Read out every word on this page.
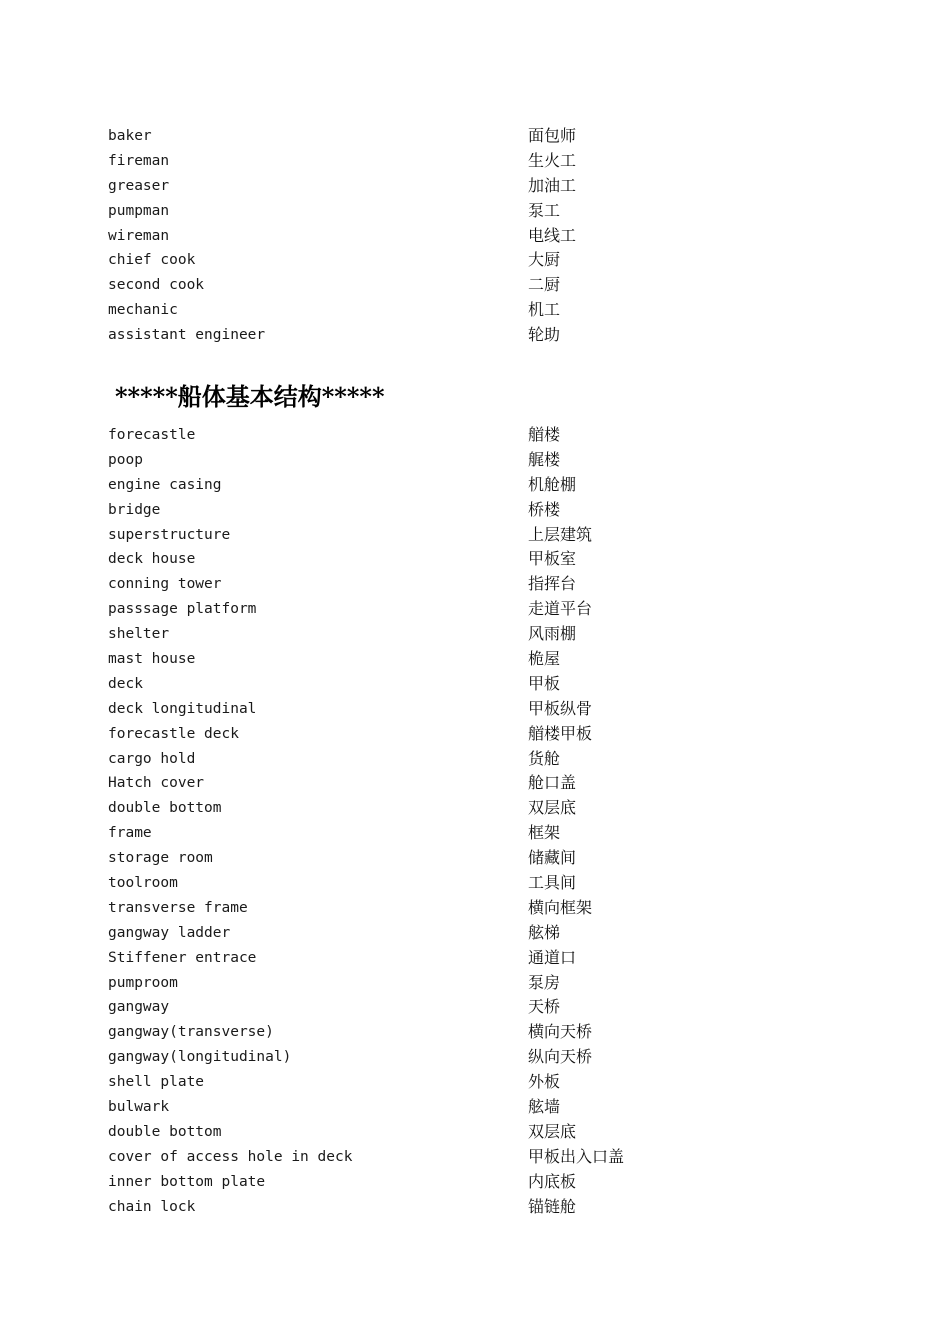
baker	面包师
fireman	生火工
greaser	加油工
pumpman	泵工
wireman	电线工
chief cook	大厨
second cook	二厨
mechanic	机工
assistant engineer	轮助
*****船体基本结构*****
forecastle	艏楼
poop	艉楼
engine casing	机舱棚
bridge	桥楼
superstructure	上层建筑
deck house	甲板室
conning tower	指挥台
passsage platform	走道平台
shelter	风雨棚
mast house	桅屋
deck	甲板
deck longitudinal	甲板纵骨
forecastle deck	艏楼甲板
cargo hold	货舱
Hatch cover	舱口盖
double bottom	双层底
frame	框架
storage room	储藏间
toolroom	工具间
transverse frame	横向框架
gangway ladder	舷梯
Stiffener entrace	通道口
pumproom	泵房
gangway	天桥
gangway(transverse)	横向天桥
gangway(longitudinal)	纵向天桥
shell plate	外板
bulwark	舷墙
double bottom	双层底
cover of access hole in deck	甲板出入口盖
inner bottom plate	内底板
chain lock	锚链舱
